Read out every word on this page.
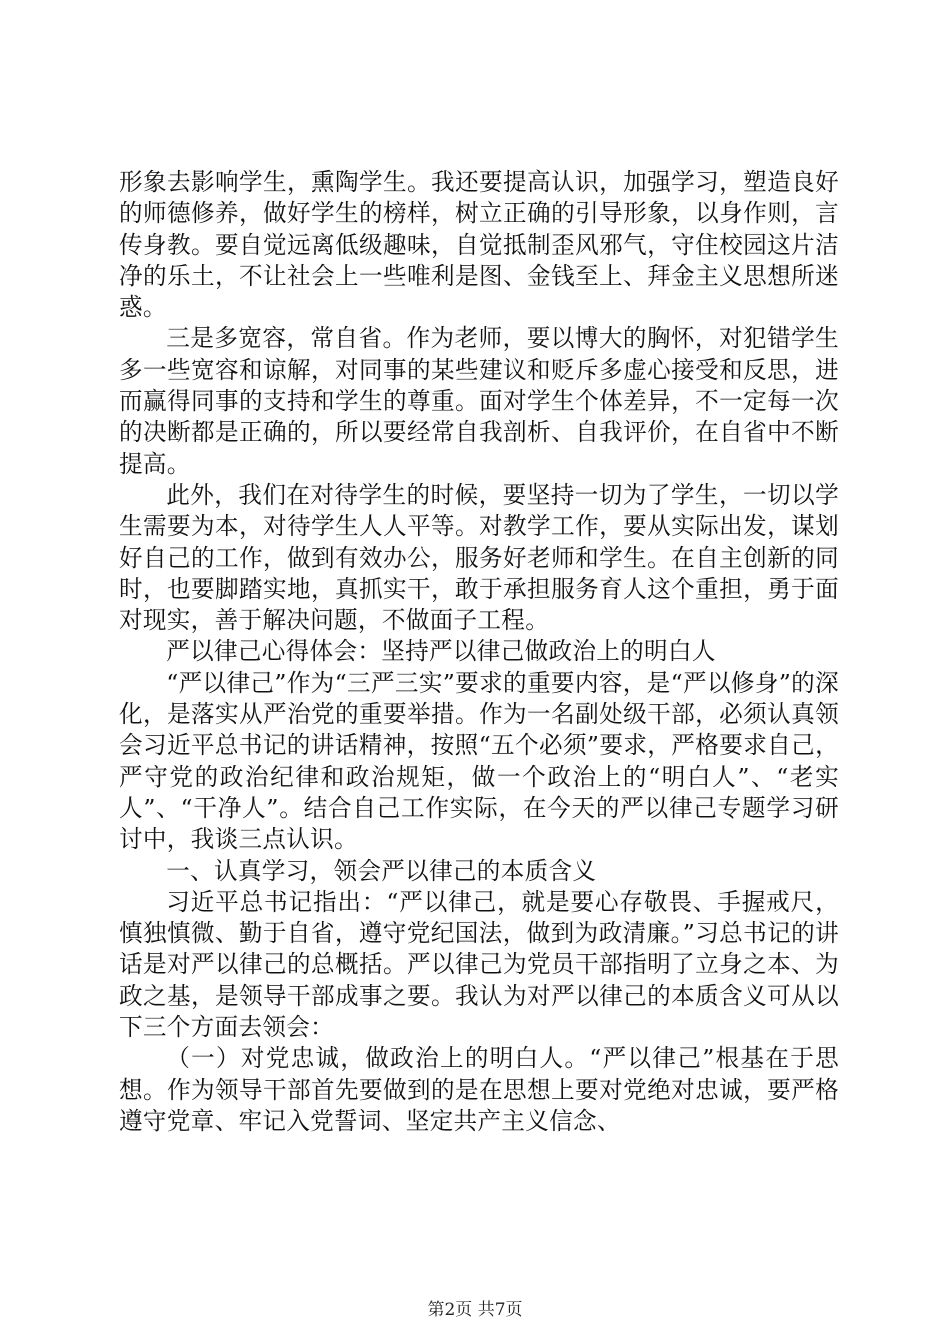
形象去影响学生，熏陶学生。我还要提高认识，加强学习，塑造良好的师德修养，做好学生的榜样，树立正确的引导形象，以身作则，言传身教。要自觉远离低级趣味，自觉抵制歪风邪气，守住校园这片洁净的乐土，不让社会上一些唯利是图、金钱至上、拜金主义思想所迷惑。

三是多宽容，常自省。作为老师，要以博大的胸怀，对犯错学生多一些宽容和谅解，对同事的某些建议和贬斥多虚心接受和反思，进而赢得同事的支持和学生的尊重。面对学生个体差异，不一定每一次的决断都是正确的，所以要经常自我剖析、自我评价，在自省中不断提高。

此外，我们在对待学生的时候，要坚持一切为了学生，一切以学生需要为本，对待学生人人平等。对教学工作，要从实际出发，谋划好自己的工作，做到有效办公，服务好老师和学生。在自主创新的同时，也要脚踏实地，真抓实干，敢于承担服务育人这个重担，勇于面对现实，善于解决问题，不做面子工程。

严以律己心得体会：坚持严以律己做政治上的明白人

“严以律己”作为“三严三实”要求的重要内容，是“严以修身”的深化，是落实从严治党的重要举措。作为一名副处级干部，必须认真领会习近平总书记的讲话精神，按照“五个必须”要求，严格要求自己，严守党的政治纪律和政治规矩，做一个政治上的“明白人”、“老实人”、“干净人”。结合自己工作实际，在今天的严以律己专题学习研讨中，我谈三点认识。

一、认真学习，领会严以律己的本质含义

习近平总书记指出：“严以律己，就是要心存敬畏、手握戒尺，慎独慎微、勤于自省，遵守党纪国法，做到为政清廉。”习总书记的讲话是对严以律己的总概括。严以律己为党员干部指明了立身之本、为政之基，是领导干部成事之要。我认为对严以律己的本质含义可从以下三个方面去领会：

（一）对党忠诚，做政治上的明白人。“严以律己”根基在于思想。作为领导干部首先要做到的是在思想上要对党绝对忠诚，要严格遵守党章、牢记入党誓词、坚定共产主义信念、

第2页 共7页
